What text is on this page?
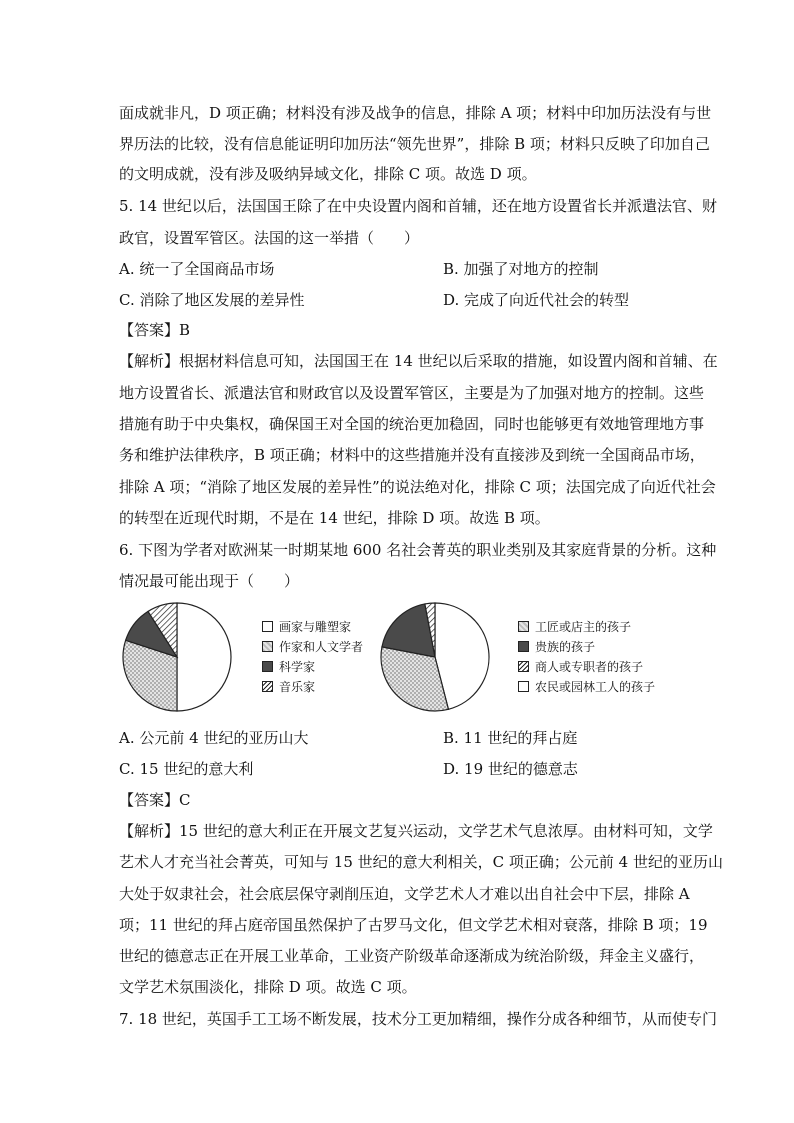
面成就非凡，D 项正确；材料没有涉及战争的信息，排除 A 项；材料中印加历法没有与世
界历法的比较，没有信息能证明印加历法“领先世界”，排除 B 项；材料只反映了印加自己
的文明成就，没有涉及吸纳异域文化，排除 C 项。故选 D 项。
5. 14 世纪以后，法国国王除了在中央设置内阁和首辅，还在地方设置省长并派遣法官、财
政官，设置军管区。法国的这一举措（　　）
A. 统一了全国商品市场	B. 加强了对地方的控制
C. 消除了地区发展的差异性	D. 完成了向近代社会的转型
【答案】B
【解析】根据材料信息可知，法国国王在 14 世纪以后采取的措施，如设置内阁和首辅、在
地方设置省长、派遣法官和财政官以及设置军管区，主要是为了加强对地方的控制。这些
措施有助于中央集权，确保国王对全国的统治更加稳固，同时也能够更有效地管理地方事
务和维护法律秩序，B 项正确；材料中的这些措施并没有直接涉及到统一全国商品市场，
排除 A 项；“消除了地区发展的差异性”的说法绝对化，排除 C 项；法国完成了向近代社会
的转型在近现代时期，不是在 14 世纪，排除 D 项。故选 B 项。
6. 下图为学者对欧洲某一时期某地 600 名社会菁英的职业类别及其家庭背景的分析。这种
情况最可能出现于（　　）
画家与雕塑家
作家和人文学者
科学家
音乐家
工匠或店主的孩子
贵族的孩子
商人或专职者的孩子
农民或园林工人的孩子
A. 公元前 4 世纪的亚历山大	B. 11 世纪的拜占庭
C. 15 世纪的意大利	D. 19 世纪的德意志
【答案】C
【解析】15 世纪的意大利正在开展文艺复兴运动，文学艺术气息浓厚。由材料可知，文学
艺术人才充当社会菁英，可知与 15 世纪的意大利相关，C 项正确；公元前 4 世纪的亚历山
大处于奴隶社会，社会底层保守剥削压迫，文学艺术人才难以出自社会中下层，排除 A
项；11 世纪的拜占庭帝国虽然保护了古罗马文化，但文学艺术相对衰落，排除 B 项；19
世纪的德意志正在开展工业革命，工业资产阶级革命逐渐成为统治阶级，拜金主义盛行，
文学艺术氛围淡化，排除 D 项。故选 C 项。
7. 18 世纪，英国手工工场不断发展，技术分工更加精细，操作分成各种细节，从而使专门
